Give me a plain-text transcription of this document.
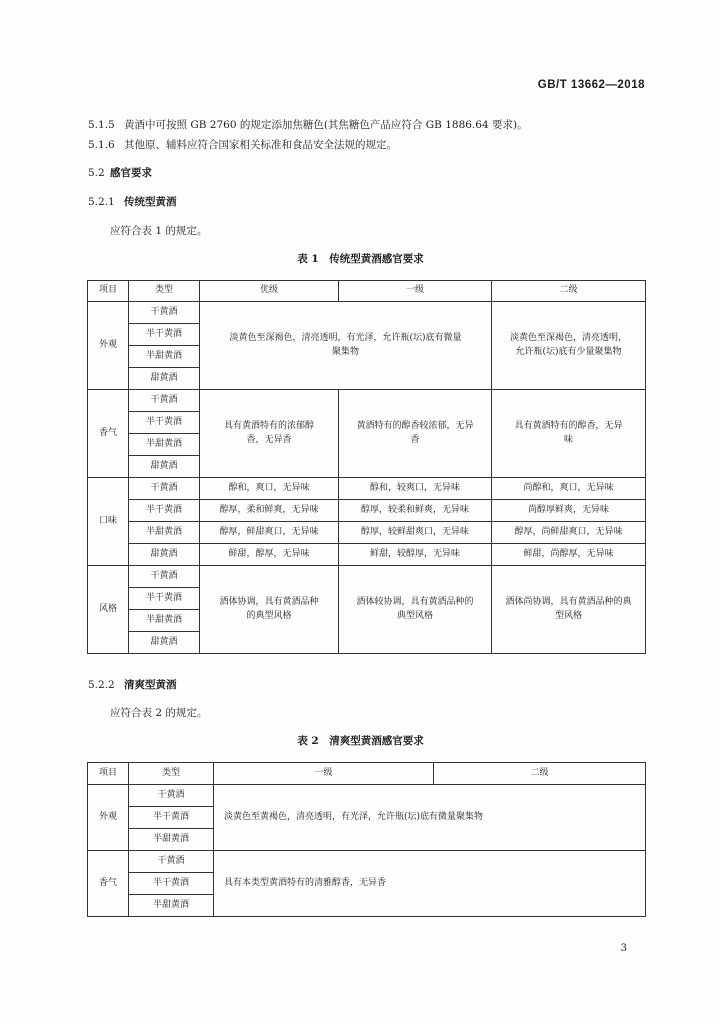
GB/T 13662—2018
5.1.5 黄酒中可按照 GB 2760 的规定添加焦糖色(其焦糖色产品应符合 GB 1886.64 要求)。
5.1.6 其他原、辅料应符合国家相关标准和食品安全法规的规定。
5.2 感官要求
5.2.1 传统型黄酒
应符合表 1 的规定。
表 1　传统型黄酒感官要求
项目	类型	优级	一级	二级
外观	干黄酒	淡黄色至深褐色，清亮透明，有光泽，允许瓶(坛)底有微量聚集物		淡黄色至深褐色，清亮透明，允许瓶(坛)底有少量聚集物
	半干黄酒			
	半甜黄酒			
	甜黄酒			
香气	干黄酒	具有黄酒特有的浓郁醇香，无异香	黄酒特有的醇香较浓郁，无异香	具有黄酒特有的醇香，无异味
	半干黄酒			
	半甜黄酒			
	甜黄酒			
口味	干黄酒	醇和，爽口，无异味	醇和，较爽口，无异味	尚醇和，爽口，无异味
	半干黄酒	醇厚，柔和鲜爽，无异味	醇厚，较柔和鲜爽，无异味	尚醇厚鲜爽，无异味
	半甜黄酒	醇厚，鲜甜爽口，无异味	醇厚，较鲜甜爽口，无异味	醇厚，尚鲜甜爽口，无异味
	甜黄酒	鲜甜，醇厚，无异味	鲜甜，较醇厚，无异味	鲜甜，尚醇厚，无异味
风格	干黄酒	酒体协调，具有黄酒品种的典型风格	酒体较协调，具有黄酒品种的典型风格	酒体尚协调，具有黄酒品种的典型风格
	半干黄酒			
	半甜黄酒			
	甜黄酒			
5.2.2 清爽型黄酒
应符合表 2 的规定。
表 2　清爽型黄酒感官要求
项目	类型	一级	二级
外观	干黄酒	淡黄色至黄褐色，清亮透明，有光泽，允许瓶(坛)底有微量聚集物	
	半干黄酒		
	半甜黄酒		
香气	干黄酒	具有本类型黄酒特有的清雅醇香，无异香	
	半干黄酒		
	半甜黄酒		
3
